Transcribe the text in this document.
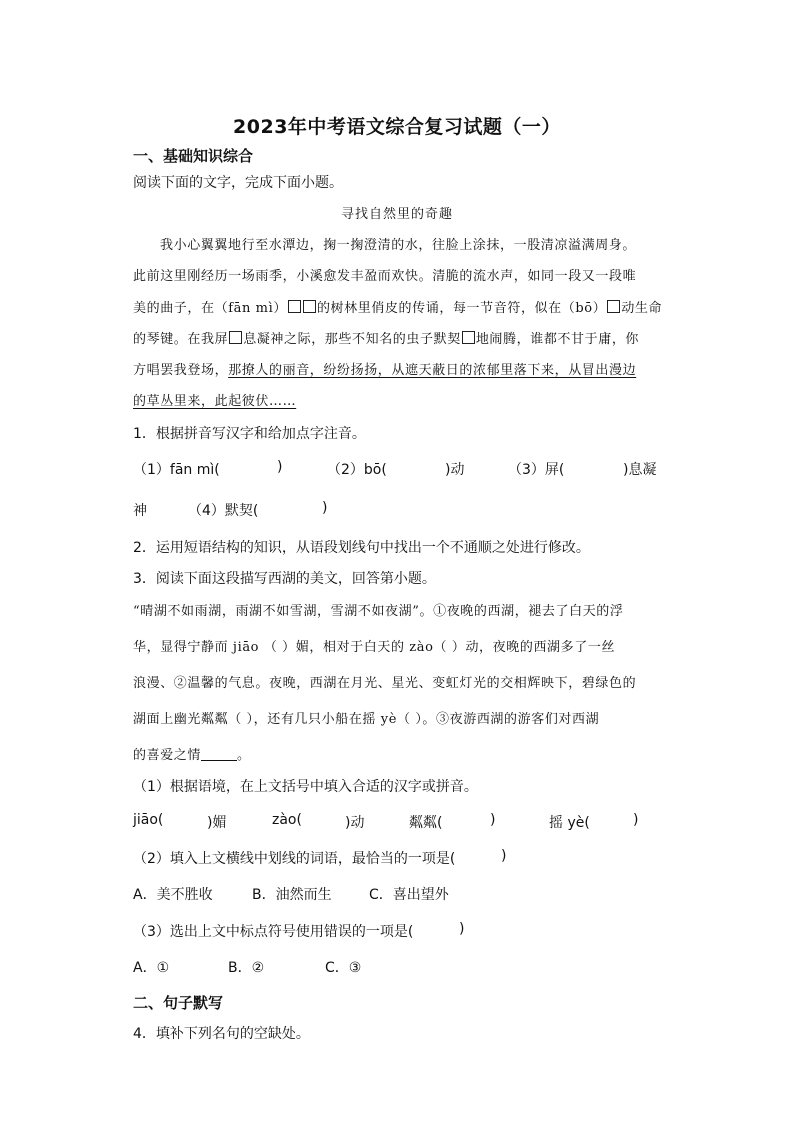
2023年中考语文综合复习试题（一）
一、基础知识综合
阅读下面的文字，完成下面小题。
寻找自然里的奇趣
我小心翼翼地行至水潭边，掬一掬澄清的水，往脸上涂抹，一股清凉溢满周身。
此前这里刚经历一场雨季，小溪愈发丰盈而欢快。清脆的流水声，如同一段又一段唯
美的曲子，在（fān mì） 的树林里俏皮的传诵，每一节音符，似在（bō） 动生命
的琴键。在我屏 息凝神之际，那些不知名的虫子默契 地闹腾，谁都不甘于庸，你
方唱罢我登场，那撩人的丽音，纷纷扬扬，从遮天蔽日的浓郁里落下来，从冒出漫边
的草丛里来，此起彼伏……
1．根据拼音写汉字和给加点字注音。
（1）fān mì(	)	（2）bō(	)动	（3）屏(	)息凝
神	（4）默契(	)
2．运用短语结构的知识，从语段划线句中找出一个不通顺之处进行修改。
3．阅读下面这段描写西湖的美文，回答第小题。
“晴湖不如雨湖，雨湖不如雪湖，雪湖不如夜湖”。①夜晚的西湖，褪去了白天的浮
华，显得宁静而 jiāo （ ）媚，相对于白天的 zào（ ）动，夜晚的西湖多了一丝
浪漫、②温馨的气息。夜晚，西湖在月光、星光、变虹灯光的交相辉映下，碧绿色的
湖面上幽光粼粼（ ），还有几只小船在摇 yè（ ）。③夜游西湖的游客们对西湖
的喜爱之情	。
（1）根据语境，在上文括号中填入合适的汉字或拼音。
jiāo(	)媚	zào(	)动	粼粼(	)	摇 yè(	)
（2）填入上文横线中划线的词语，最恰当的一项是(	)
A．美不胜收	B．油然而生	C．喜出望外
（3）选出上文中标点符号使用错误的一项是(	)
A．①	B．②	C．③
二、句子默写
4．填补下列名句的空缺处。
